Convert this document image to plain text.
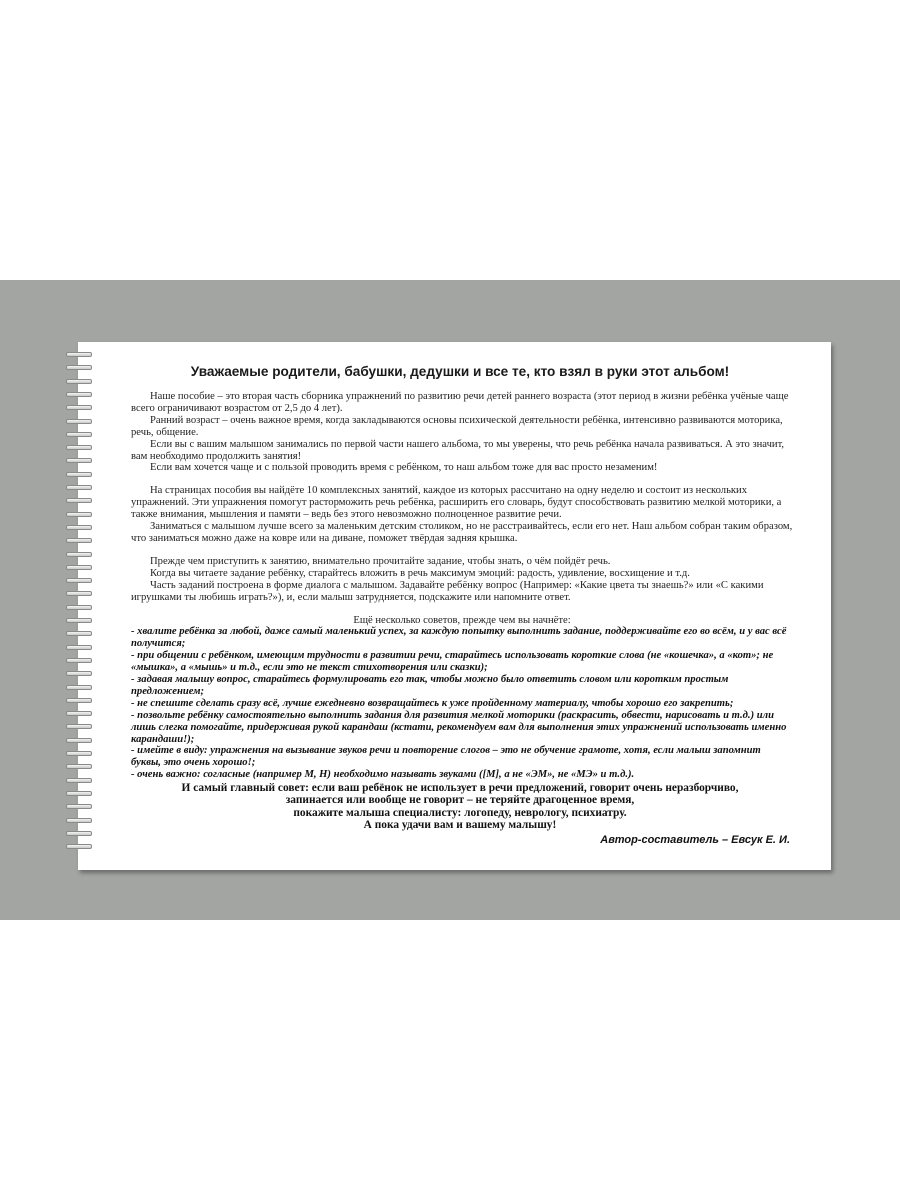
Уважаемые родители, бабушки, дедушки и все те, кто взял в руки этот альбом!

Наше пособие – это вторая часть сборника упражнений по развитию речи детей раннего возраста (этот период в жизни ребёнка учёные чаще всего ограничивают возрастом от 2,5 до 4 лет).

Ранний возраст – очень важное время, когда закладываются основы психической деятельности ребёнка, интенсивно развиваются моторика, речь, общение.

Если вы с вашим малышом занимались по первой части нашего альбома, то мы уверены, что речь ребёнка начала развиваться. А это значит, вам необходимо продолжить занятия!

Если вам хочется чаще и с пользой проводить время с ребёнком, то наш альбом тоже для вас просто незаменим!

На страницах пособия вы найдёте 10 комплексных занятий, каждое из которых рассчитано на одну неделю и состоит из нескольких упражнений. Эти упражнения помогут расторможить речь ребёнка, расширить его словарь, будут способствовать развитию мелкой моторики, а также внимания, мышления и памяти – ведь без этого невозможно полноценное развитие речи.

Заниматься с малышом лучше всего за маленьким детским столиком, но не расстраивайтесь, если его нет. Наш альбом собран таким образом, что заниматься можно даже на ковре или на диване, поможет твёрдая задняя крышка.

Прежде чем приступить к занятию, внимательно прочитайте задание, чтобы знать, о чём пойдёт речь.

Когда вы читаете задание ребёнку, старайтесь вложить в речь максимум эмоций: радость, удивление, восхищение и т.д.

Часть заданий построена в форме диалога с малышом. Задавайте ребёнку вопрос (Например: «Какие цвета ты знаешь?» или «С какими игрушками ты любишь играть?»), и, если малыш затрудняется, подскажите или напомните ответ.

Ещё несколько советов, прежде чем вы начнёте:

- хвалите ребёнка за любой, даже самый маленький успех, за каждую попытку выполнить задание, поддерживайте его во всём, и у вас всё получится;

- при общении с ребёнком, имеющим трудности в развитии речи, старайтесь использовать короткие слова (не «кошечка», а «кот»; не «мышка», а «мышь» и т.д., если это не текст стихотворения или сказки);

- задавая малышу вопрос, старайтесь формулировать его так, чтобы можно было ответить словом или коротким простым предложением;

- не спешите сделать сразу всё, лучше ежедневно возвращайтесь к уже пройденному материалу, чтобы хорошо его закрепить;

- позвольте ребёнку самостоятельно выполнить задания для развития мелкой моторики (раскрасить, обвести, нарисовать и т.д.) или лишь слегка помогайте, придерживая рукой карандаш (кстати, рекомендуем вам для выполнения этих упражнений использовать именно карандаши!);

- имейте в виду: упражнения на вызывание звуков речи и повторение слогов – это не обучение грамоте, хотя, если малыш запомнит буквы, это очень хорошо!;

- очень важно: согласные (например М, Н) необходимо называть звуками ([М], а не «ЭМ», не «МЭ» и т.д.).

И самый главный совет: если ваш ребёнок не использует в речи предложений, говорит очень неразборчиво,

запинается или вообще не говорит – не теряйте драгоценное время,

покажите малыша специалисту: логопеду, неврологу, психиатру.

А пока удачи вам и вашему малышу!

Автор-составитель – Евсук Е. И.
